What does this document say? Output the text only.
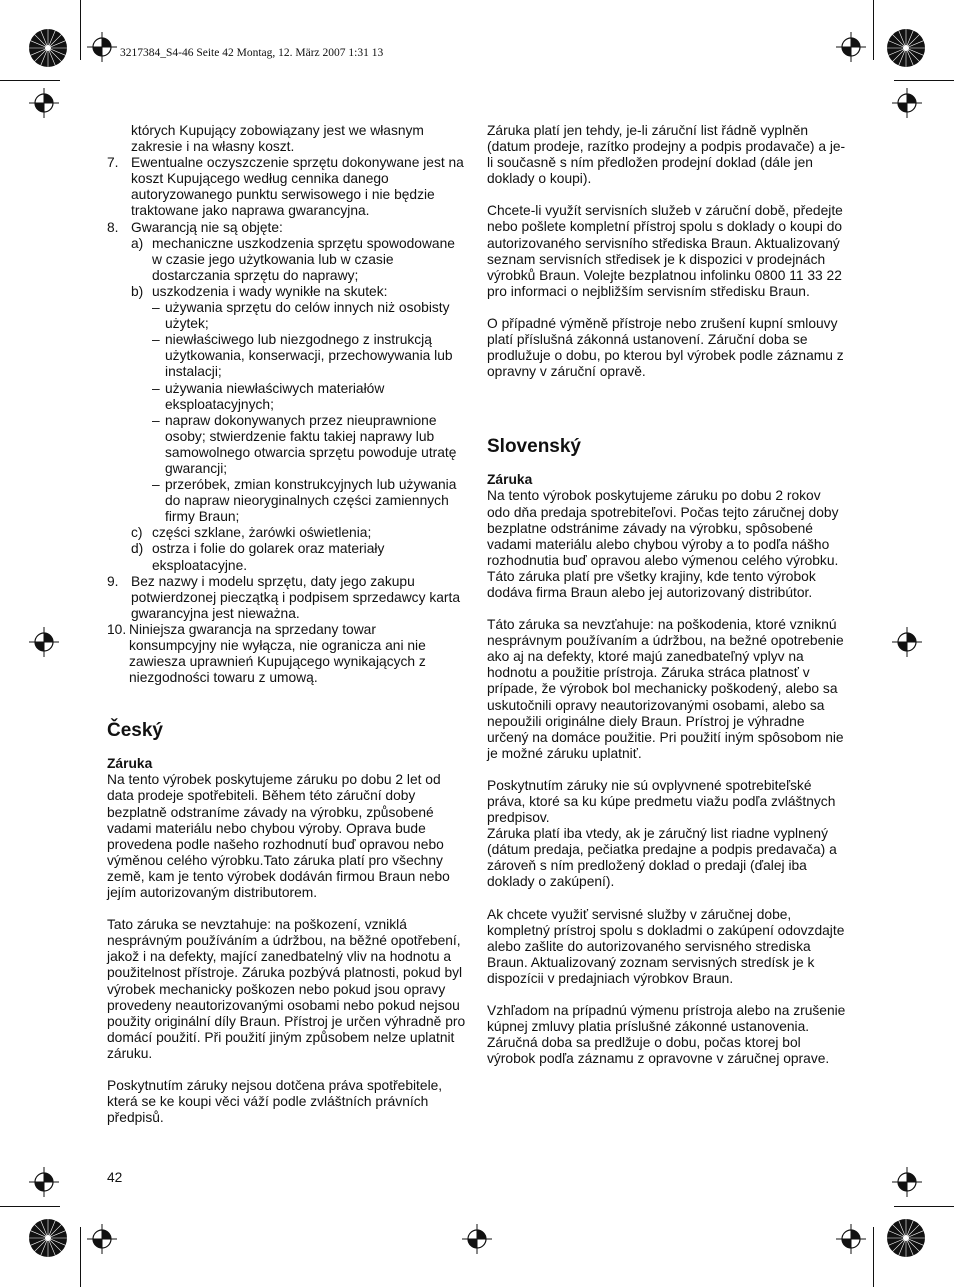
3217384_S4-46 Seite 42 Montag, 12. März 2007 1:31 13
których Kupujący zobowiązany jest we własnym zakresie i na własny koszt.
7. Ewentualne oczyszczenie sprzętu dokonywane jest na koszt Kupującego według cennika danego autoryzowanego punktu serwisowego i nie będzie traktowane jako naprawa gwarancyjna.
8. Gwarancją nie są objęte:
a) mechaniczne uszkodzenia sprzętu spowodowane w czasie jego użytkowania lub w czasie dostarczania sprzętu do naprawy;
b) uszkodzenia i wady wynikłe na skutek:
– używania sprzętu do celów innych niż osobisty użytek;
– niewłaściwego lub niezgodnego z instrukcją użytkowania, konserwacji, przechowywania lub instalacji;
– używania niewłaściwych materiałów eksploatacyjnych;
– napraw dokonywanych przez nieuprawnione osoby; stwierdzenie faktu takiej naprawy lub samowolnego otwarcia sprzętu powoduje utratę gwarancji;
– przeróbek, zmian konstrukcyjnych lub używania do napraw nieoryginalnych części zamiennych firmy Braun;
c) części szklane, żarówki oświetlenia;
d) ostrza i folie do golarek oraz materiały eksploatacyjne.
9. Bez nazwy i modelu sprzętu, daty jego zakupu potwierdzonej pieczątką i podpisem sprzedawcy karta gwarancyjna jest nieważna.
10. Niniejsza gwarancja na sprzedany towar konsumpcyjny nie wyłącza, nie ogranicza ani nie zawiesza uprawnień Kupującego wynikających z niezgodności towaru z umową.
Český
Záruka
Na tento výrobek poskytujeme záruku po dobu 2 let od data prodeje spotřebiteli. Během této záruční doby bezplatně odstraníme závady na výrobku, způsobené vadami materiálu nebo chybou výroby. Oprava bude provedena podle našeho rozhodnutí buď opravou nebo výměnou celého výrobku.Tato záruka platí pro všechny země, kam je tento výrobek dodáván firmou Braun nebo jejím autorizovaným distributorem.
Tato záruka se nevztahuje: na poškození, vzniklá nesprávným používáním a údržbou, na běžné opotřebení, jakož i na defekty, mající zanedbatelný vliv na hodnotu a použitelnost přístroje. Záruka pozbývá platnosti, pokud byl výrobek mechanicky poškozen nebo pokud jsou opravy provedeny neautorizovanými osobami nebo pokud nejsou použity originální díly Braun. Přístroj je určen výhradně pro domácí použití. Při použití jiným způsobem nelze uplatnit záruku.
Poskytnutím záruky nejsou dotčena práva spotřebitele, která se ke koupi věci váží podle zvláštních právních předpisů.
Záruka platí jen tehdy, je-li záruční list řádně vyplněn (datum prodeje, razítko prodejny a podpis prodavače) a je-li současně s ním předložen prodejní doklad (dále jen doklady o koupi).
Chcete-li využít servisních služeb v záruční době, předejte nebo pošlete kompletní přístroj spolu s doklady o koupi do autorizovaného servisního střediska Braun. Aktualizovaný seznam servisních středisek je k dispozici v prodejnách výrobků Braun. Volejte bezplatnou infolinku 0800 11 33 22 pro informaci o nejbližším servisním středisku Braun.
O případné výměně přístroje nebo zrušení kupní smlouvy platí příslušná zákonná ustanovení. Záruční doba se prodlužuje o dobu, po kterou byl výrobek podle záznamu z opravny v záruční opravě.
Slovenský
Záruka
Na tento výrobok poskytujeme záruku po dobu 2 rokov odo dňa predaja spotrebiteľovi. Počas tejto záručnej doby bezplatne odstránime závady na výrobku, spôsobené vadami materiálu alebo chybou výroby a to podľa nášho rozhodnutia buď opravou alebo výmenou celého výrobku. Táto záruka platí pre všetky krajiny, kde tento výrobok dodáva firma Braun alebo jej autorizovaný distribútor.
Táto záruka sa nevzťahuje: na poškodenia, ktoré vzniknú nesprávnym používaním a údržbou, na bežné opotrebenie ako aj na defekty, ktoré majú zanedbateľný vplyv na hodnotu a použitie prístroja. Záruka stráca platnosť v prípade, že výrobok bol mechanicky poškodený, alebo sa uskutočnili opravy neautorizovanými osobami, alebo sa nepoužili originálne diely Braun. Prístroj je výhradne určený na domáce použitie. Pri použití iným spôsobom nie je možné záruku uplatniť.
Poskytnutím záruky nie sú ovplyvnené spotrebiteľské práva, ktoré sa ku kúpe predmetu viažu podľa zvláštnych predpisov.
Záruka platí iba vtedy, ak je záručný list riadne vyplnený (dátum predaja, pečiatka predajne a podpis predavača) a zároveň s ním predložený doklad o predaji (ďalej iba doklady o zakúpení).
Ak chcete využiť servisné služby v záručnej dobe, kompletný prístroj spolu s dokladmi o zakúpení odovzdajte alebo zašlite do autorizovaného servisného strediska Braun. Aktualizovaný zoznam servisných stredísk je k dispozícii v predajniach výrobkov Braun.
Vzhľadom na prípadnú výmenu prístroja alebo na zrušenie kúpnej zmluvy platia príslušné zákonné ustanovenia. Záručná doba sa predlžuje o dobu, počas ktorej bol výrobok podľa záznamu z opravovne v záručnej oprave.
42
